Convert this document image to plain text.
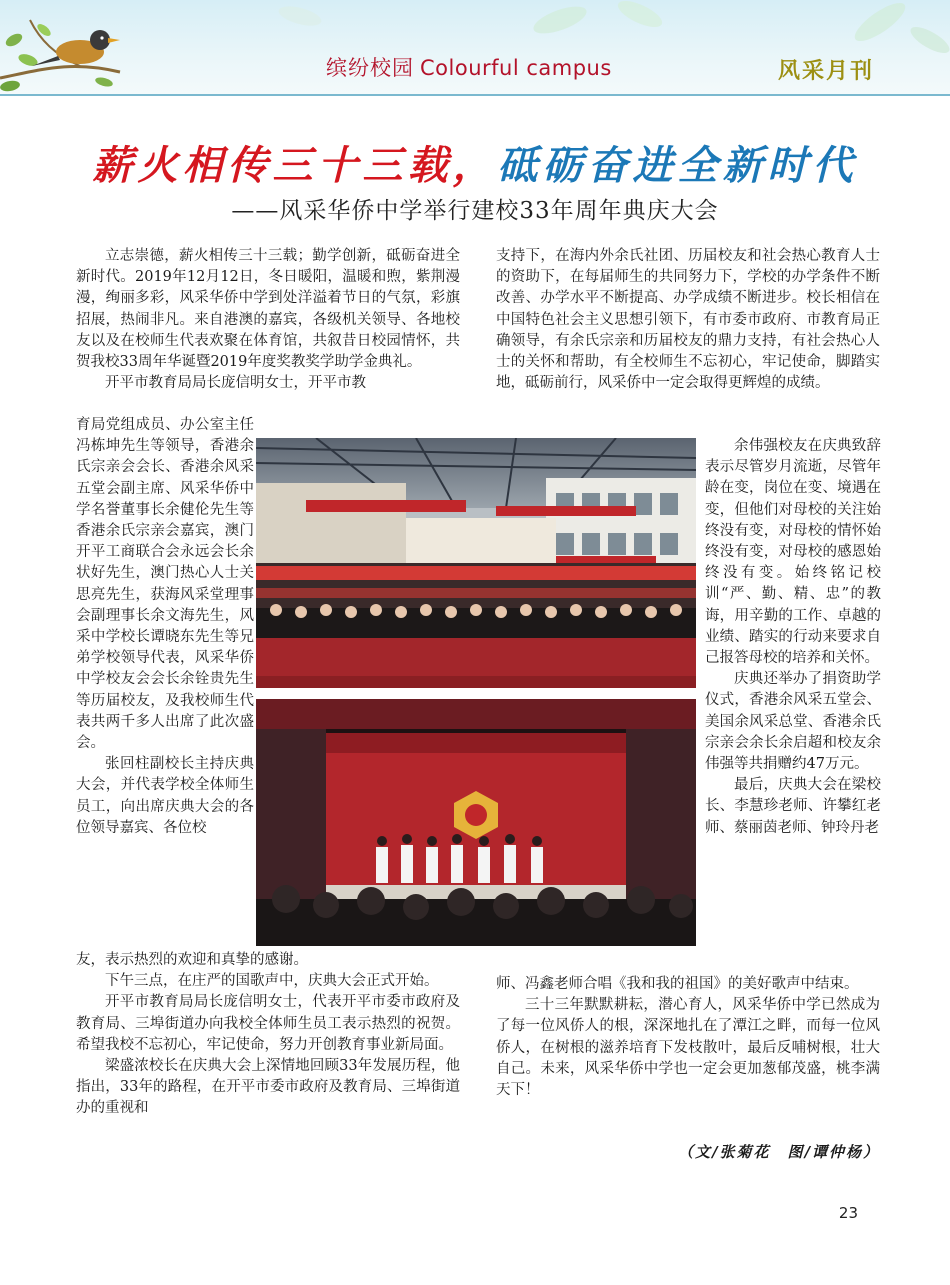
缤纷校园 Colourful campus	风采月刊
薪火相传三十三载，砥砺奋进全新时代
——风采华侨中学举行建校33年周年典庆大会

立志崇德，薪火相传三十三载；勤学创新，砥砺奋进全新时代。2019年12月12日，冬日暖阳，温暖和煦，紫荆漫漫，绚丽多彩，风采华侨中学到处洋溢着节日的气氛，彩旗招展，热闹非凡。来自港澳的嘉宾，各级机关领导、各地校友以及在校师生代表欢聚在体育馆，共叙昔日校园情怀，共贺我校33周年华诞暨2019年度奖教奖学助学金典礼。

开平市教育局局长庞信明女士，开平市教

育局党组成员、办公室主任冯栋坤先生等领导，香港余氏宗亲会会长、香港余风采五堂会副主席、风采华侨中学名誉董事长余健伦先生等香港余氏宗亲会嘉宾，澳门开平工商联合会永远会长余状好先生，澳门热心人士关思亮先生，获海风采堂理事会副理事长余文海先生，风采中学校长谭晓东先生等兄弟学校领导代表，风采华侨中学校友会会长余铨贵先生等历届校友，及我校师生代表共两千多人出席了此次盛会。

张回柱副校长主持庆典大会，并代表学校全体师生员工，向出席庆典大会的各位领导嘉宾、各位校

友，表示热烈的欢迎和真挚的感谢。

下午三点，在庄严的国歌声中，庆典大会正式开始。

开平市教育局局长庞信明女士，代表开平市委市政府及教育局、三埠街道办向我校全体师生员工表示热烈的祝贺。希望我校不忘初心，牢记使命，努力开创教育事业新局面。

梁盛浓校长在庆典大会上深情地回顾33年发展历程，他指出，33年的路程，在开平市委市政府及教育局、三埠街道办的重视和

支持下，在海内外余氏社团、历届校友和社会热心教育人士的资助下，在每届师生的共同努力下，学校的办学条件不断改善、办学水平不断提高、办学成绩不断进步。校长相信在中国特色社会主义思想引领下，有市委市政府、市教育局正确领导，有余氏宗亲和历届校友的鼎力支持，有社会热心人士的关怀和帮助，有全校师生不忘初心，牢记使命，脚踏实地，砥砺前行，风采侨中一定会取得更辉煌的成绩。

余伟强校友在庆典致辞表示尽管岁月流逝，尽管年龄在变，岗位在变、境遇在变，但他们对母校的关注始终没有变，对母校的情怀始终没有变，对母校的感恩始终没有变。始终铭记校训“严、勤、精、忠”的教诲，用辛勤的工作、卓越的业绩、踏实的行动来要求自己报答母校的培养和关怀。

庆典还举办了捐资助学仪式，香港余风采五堂会、美国余风采总堂、香港余氏宗亲会余长余启超和校友余伟强等共捐赠约47万元。

最后，庆典大会在梁校长、李慧珍老师、许攀红老师、蔡丽茵老师、钟玲丹老

师、冯鑫老师合唱《我和我的祖国》的美好歌声中结束。

三十三年默默耕耘，潜心育人，风采华侨中学已然成为了每一位风侨人的根，深深地扎在了潭江之畔，而每一位风侨人，在树根的滋养培育下发枝散叶，最后反哺树根，壮大自己。未来，风采华侨中学也一定会更加葱郁茂盛，桃李满天下！

（文/张菊花　图/谭仲杨）
23
